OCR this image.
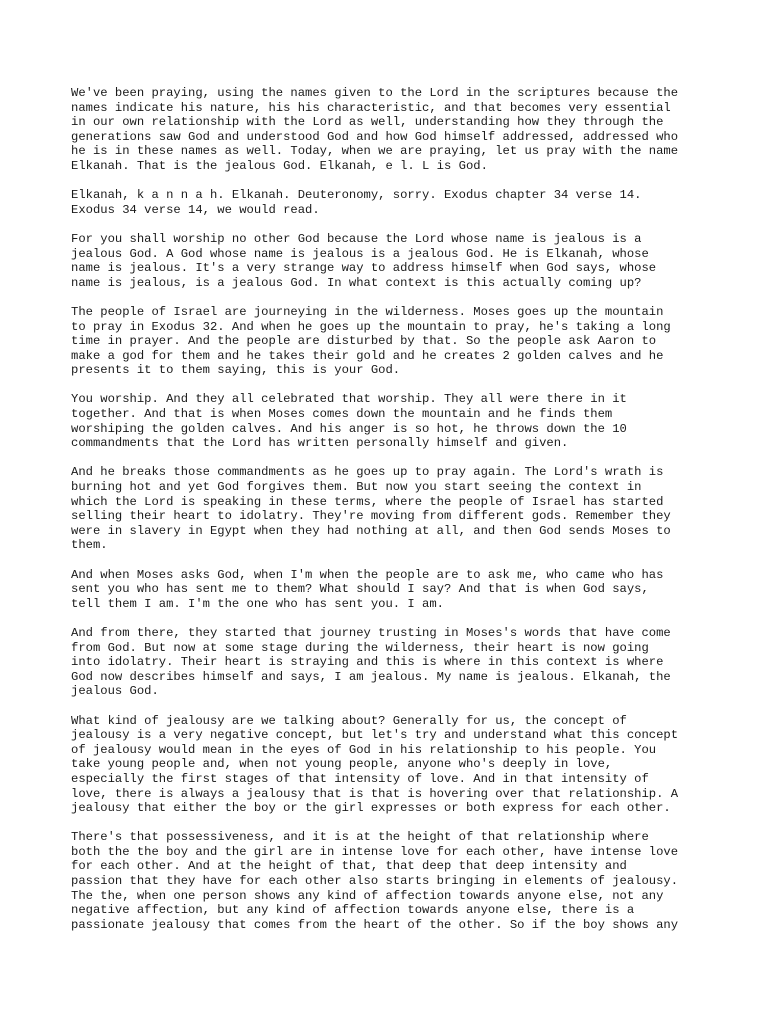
We've been praying, using the names given to the Lord in the scriptures because the
names indicate his nature, his his characteristic, and that becomes very essential
in our own relationship with the Lord as well, understanding how they through the
generations saw God and understood God and how God himself addressed, addressed who
he is in these names as well. Today, when we are praying, let us pray with the name
Elkanah. That is the jealous God. Elkanah, e l. L is God.

Elkanah, k a n n a h. Elkanah. Deuteronomy, sorry. Exodus chapter 34 verse 14.
Exodus 34 verse 14, we would read.

For you shall worship no other God because the Lord whose name is jealous is a
jealous God. A God whose name is jealous is a jealous God. He is Elkanah, whose
name is jealous. It's a very strange way to address himself when God says, whose
name is jealous, is a jealous God. In what context is this actually coming up?

The people of Israel are journeying in the wilderness. Moses goes up the mountain
to pray in Exodus 32. And when he goes up the mountain to pray, he's taking a long
time in prayer. And the people are disturbed by that. So the people ask Aaron to
make a god for them and he takes their gold and he creates 2 golden calves and he
presents it to them saying, this is your God.

You worship. And they all celebrated that worship. They all were there in it
together. And that is when Moses comes down the mountain and he finds them
worshiping the golden calves. And his anger is so hot, he throws down the 10
commandments that the Lord has written personally himself and given.

And he breaks those commandments as he goes up to pray again. The Lord's wrath is
burning hot and yet God forgives them. But now you start seeing the context in
which the Lord is speaking in these terms, where the people of Israel has started
selling their heart to idolatry. They're moving from different gods. Remember they
were in slavery in Egypt when they had nothing at all, and then God sends Moses to
them.

And when Moses asks God, when I'm when the people are to ask me, who came who has
sent you who has sent me to them? What should I say? And that is when God says,
tell them I am. I'm the one who has sent you. I am.

And from there, they started that journey trusting in Moses's words that have come
from God. But now at some stage during the wilderness, their heart is now going
into idolatry. Their heart is straying and this is where in this context is where
God now describes himself and says, I am jealous. My name is jealous. Elkanah, the
jealous God.

What kind of jealousy are we talking about? Generally for us, the concept of
jealousy is a very negative concept, but let's try and understand what this concept
of jealousy would mean in the eyes of God in his relationship to his people. You
take young people and, when not young people, anyone who's deeply in love,
especially the first stages of that intensity of love. And in that intensity of
love, there is always a jealousy that is that is hovering over that relationship. A
jealousy that either the boy or the girl expresses or both express for each other.

There's that possessiveness, and it is at the height of that relationship where
both the the boy and the girl are in intense love for each other, have intense love
for each other. And at the height of that, that deep that deep intensity and
passion that they have for each other also starts bringing in elements of jealousy.
The the, when one person shows any kind of affection towards anyone else, not any
negative affection, but any kind of affection towards anyone else, there is a
passionate jealousy that comes from the heart of the other. So if the boy shows any
